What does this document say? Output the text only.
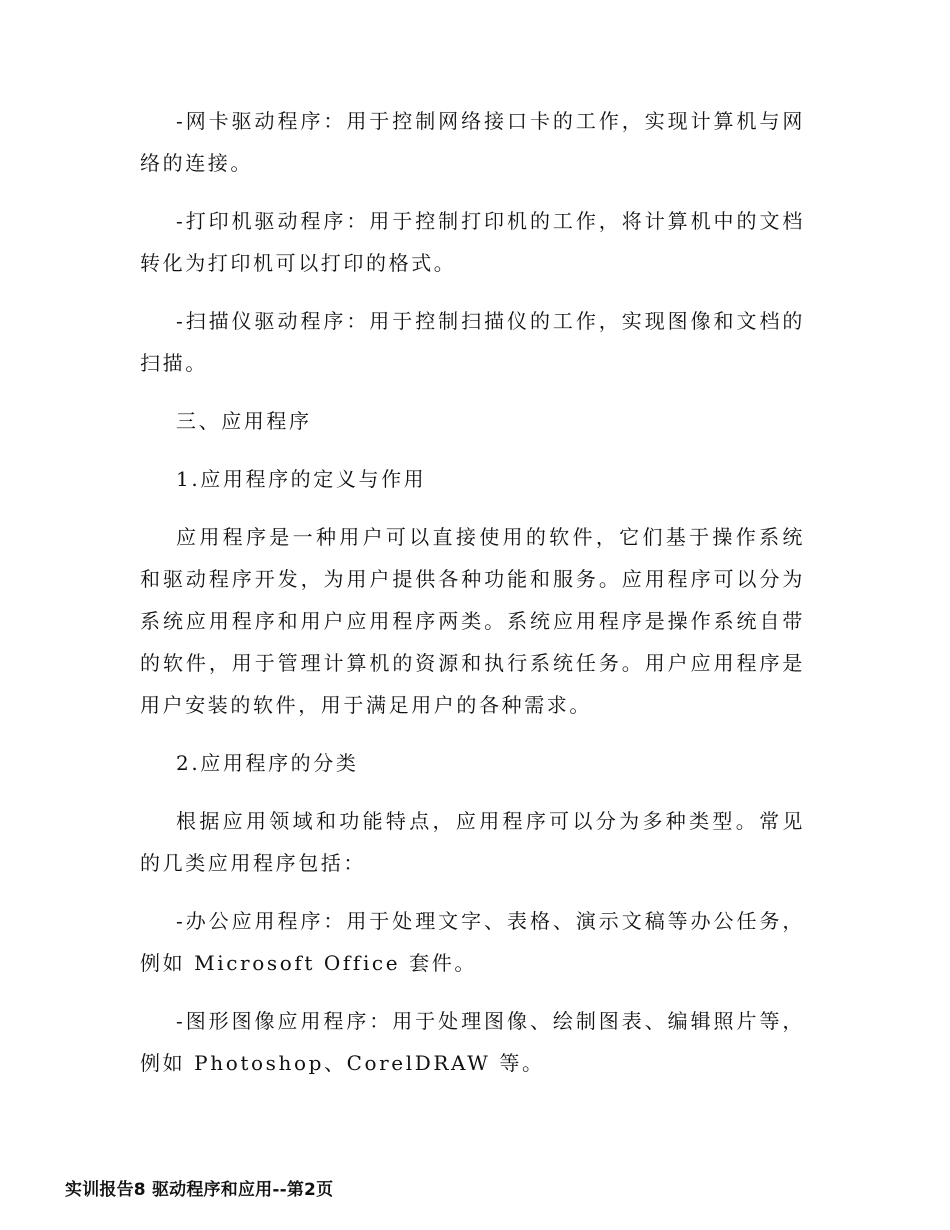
-网卡驱动程序：用于控制网络接口卡的工作，实现计算机与网络的连接。

-打印机驱动程序：用于控制打印机的工作，将计算机中的文档转化为打印机可以打印的格式。

-扫描仪驱动程序：用于控制扫描仪的工作，实现图像和文档的扫描。

三、应用程序

1.应用程序的定义与作用

应用程序是一种用户可以直接使用的软件，它们基于操作系统和驱动程序开发，为用户提供各种功能和服务。应用程序可以分为系统应用程序和用户应用程序两类。系统应用程序是操作系统自带的软件，用于管理计算机的资源和执行系统任务。用户应用程序是用户安装的软件，用于满足用户的各种需求。

2.应用程序的分类

根据应用领域和功能特点，应用程序可以分为多种类型。常见的几类应用程序包括：

-办公应用程序：用于处理文字、表格、演示文稿等办公任务，例如 Microsoft Office 套件。

-图形图像应用程序：用于处理图像、绘制图表、编辑照片等，例如 Photoshop、CorelDRAW 等。

实训报告8 驱动程序和应用--第2页
